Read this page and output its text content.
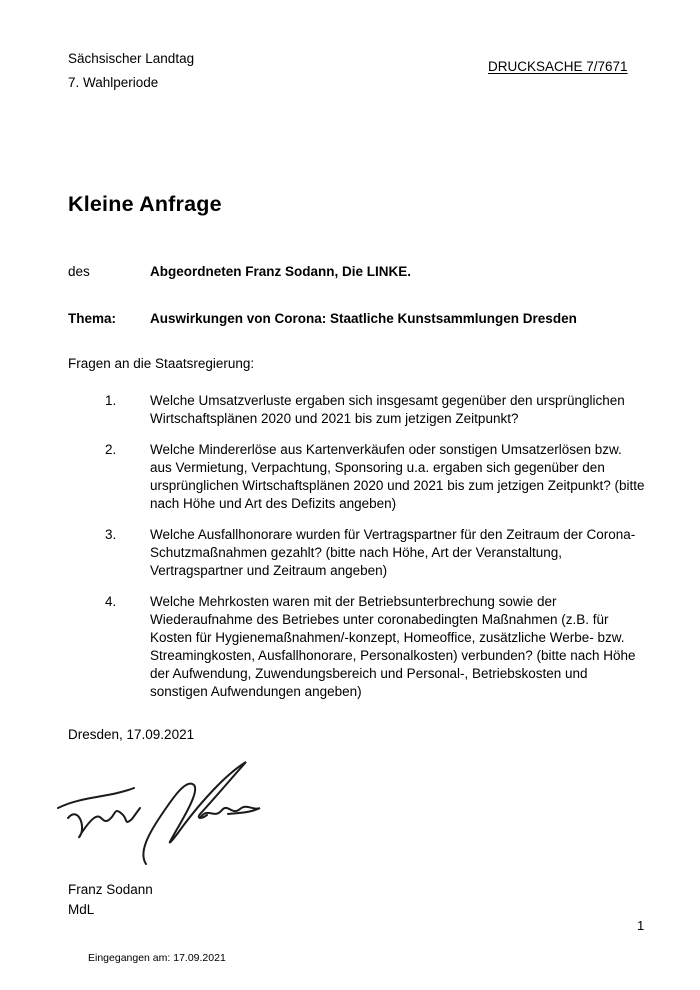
Sächsischer Landtag
7. Wahlperiode
DRUCKSACHE 7/7671
Kleine Anfrage
des	Abgeordneten Franz Sodann, Die LINKE.
Thema:	Auswirkungen von Corona: Staatliche Kunstsammlungen Dresden
Fragen an die Staatsregierung:
1.	Welche Umsatzverluste ergaben sich insgesamt gegenüber den ursprünglichen Wirtschaftsplänen 2020 und 2021 bis zum jetzigen Zeitpunkt?
2.	Welche Mindererlöse aus Kartenverkäufen oder sonstigen Umsatzerlösen bzw. aus Vermietung, Verpachtung, Sponsoring u.a. ergaben sich gegenüber den ursprünglichen Wirtschaftsplänen 2020 und 2021 bis zum jetzigen Zeitpunkt? (bitte nach Höhe und Art des Defizits angeben)
3.	Welche Ausfallhonorare wurden für Vertragspartner für den Zeitraum der Corona- Schutzmaßnahmen gezahlt? (bitte nach Höhe, Art der Veranstaltung, Vertragspartner und Zeitraum angeben)
4.	Welche Mehrkosten waren mit der Betriebsunterbrechung sowie der Wiederaufnahme des Betriebes unter coronabedingten Maßnahmen (z.B. für Kosten für Hygienemaßnahmen/-konzept, Homeoffice, zusätzliche Werbe- bzw. Streamingkosten, Ausfallhonorare, Personalkosten) verbunden? (bitte nach Höhe der Aufwendung, Zuwendungsbereich und Personal-, Betriebskosten und sonstigen Aufwendungen angeben)
Dresden, 17.09.2021
Franz Sodann
MdL
1
Eingegangen am: 17.09.2021
